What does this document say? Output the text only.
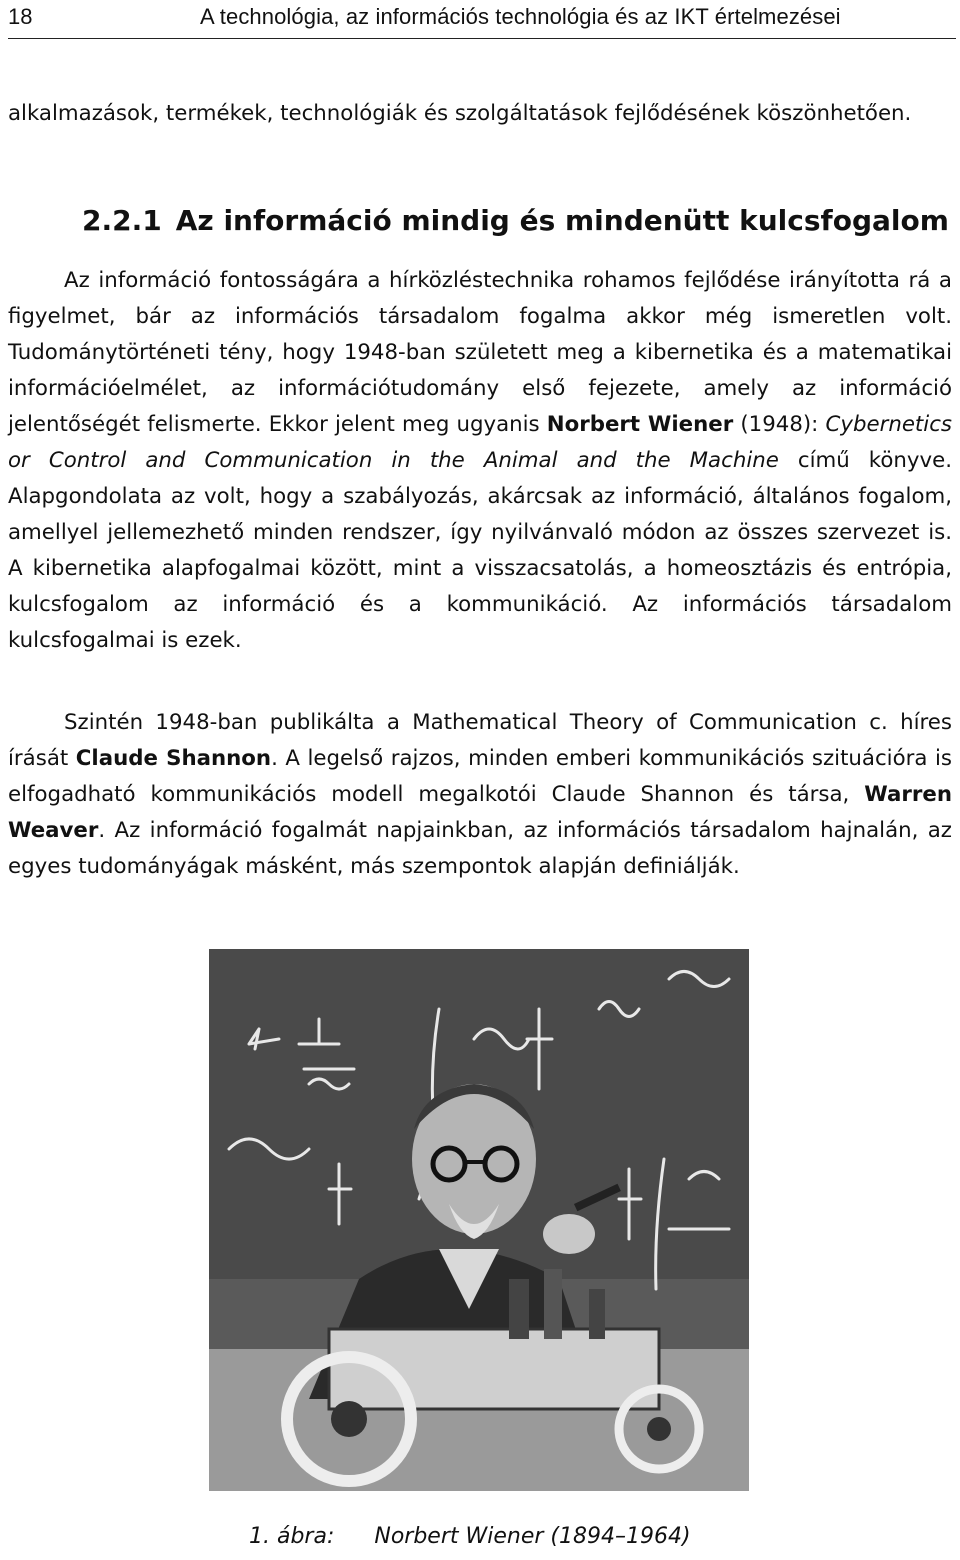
18	A technológia, az információs technológia és az IKT értelmezései
alkalmazások, termékek, technológiák és szolgáltatások fejlődésének köszönhetően.
2.2.1 Az információ mindig és mindenütt kulcsfogalom
Az információ fontosságára a hírközléstechnika rohamos fejlődése irányította rá a figyelmet, bár az információs társadalom fogalma akkor még ismeretlen volt. Tudománytörténeti tény, hogy 1948-ban született meg a kibernetika és a matematikai információelmélet, az információtudomány első fejezete, amely az információ jelentőségét felismerte. Ekkor jelent meg ugyanis Norbert Wiener (1948): Cybernetics or Control and Communication in the Animal and the Machine című könyve. Alapgondolata az volt, hogy a szabályozás, akárcsak az információ, általános fogalom, amellyel jellemezhető minden rendszer, így nyilvánvaló módon az összes szervezet is. A kibernetika alapfogalmai között, mint a visszacsatolás, a homeosztázis és entrópia, kulcsfogalom az információ és a kommunikáció. Az információs társadalom kulcsfogalmai is ezek.
Szintén 1948-ban publikálta a Mathematical Theory of Communication c. híres írását Claude Shannon. A legelső rajzos, minden emberi kommunikációs szituációra is elfogadható kommunikációs modell megalkotói Claude Shannon és társa, Warren Weaver. Az információ fogalmát napjainkban, az információs társadalom hajnalán, az egyes tudományágak másként, más szempontok alapján definiálják.
1. ábra: Norbert Wiener (1894–1964)
